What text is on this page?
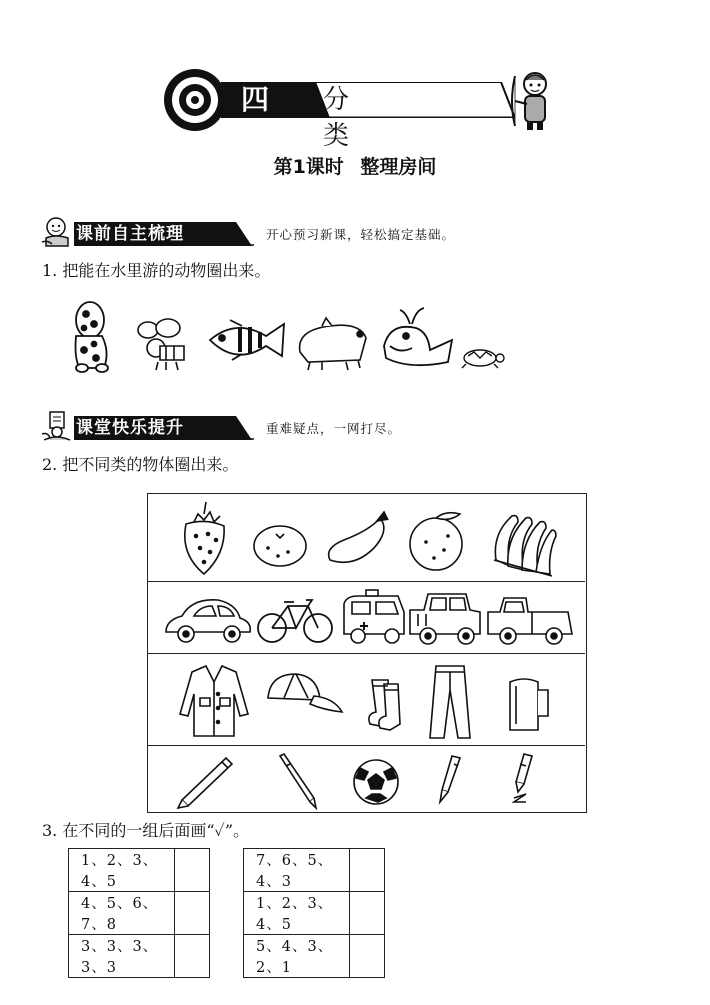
四 分类
第1课时 整理房间
课前自主梳理	开心预习新课，轻松搞定基础。
1. 把能在水里游的动物圈出来。
课堂快乐提升	重难疑点，一网打尽。
2. 把不同类的物体圈出来。
3. 在不同的一组后面画“✓”。
1、2、3、4、5	
4、5、6、7、8	
3、3、3、3、3	
7、6、5、4、3	
1、2、3、4、5	
5、4、3、2、1	
